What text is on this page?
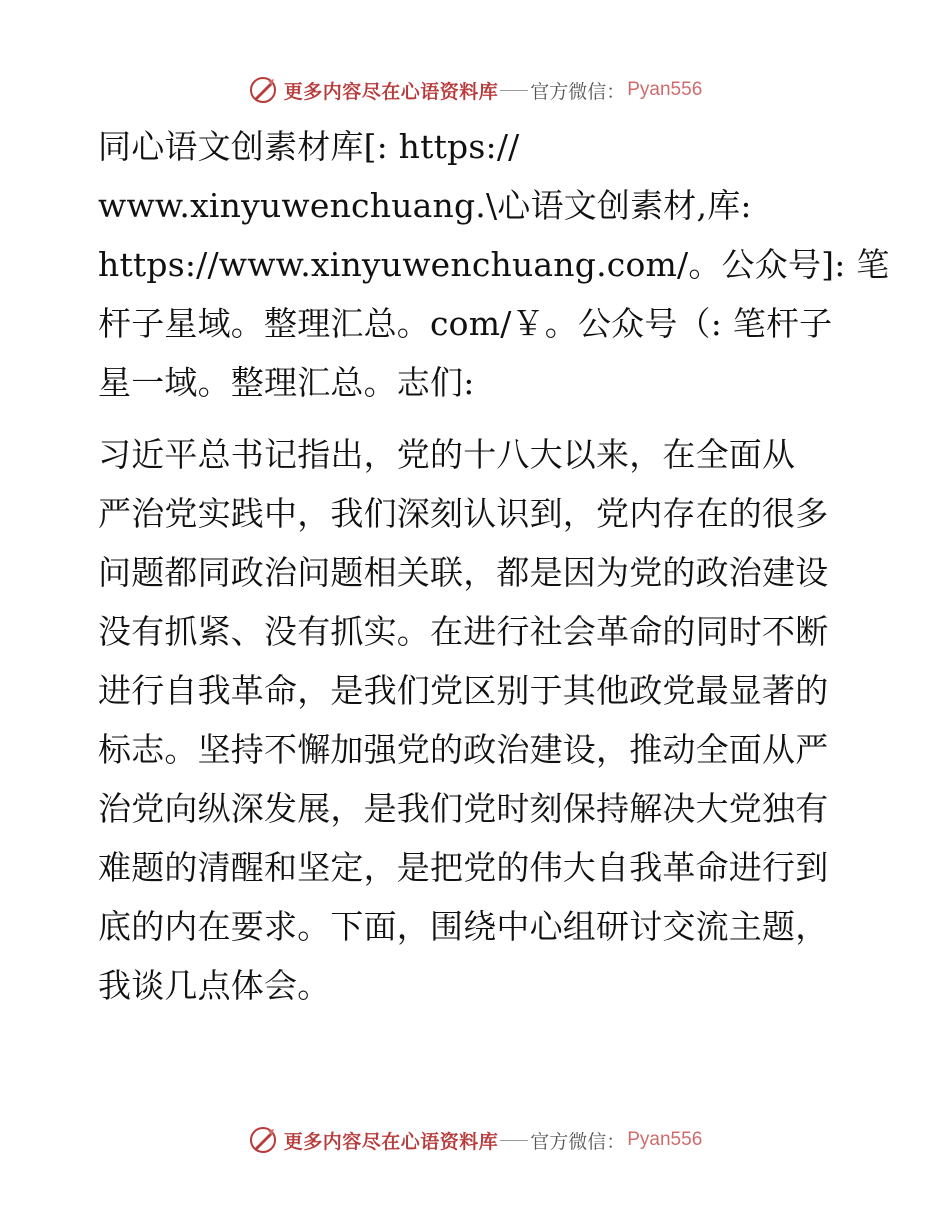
更多内容尽在心语资料库 官方微信： Pyan556
同心语文创素材库[: https://
www.xinyuwenchuang.\心语文创素材,库:
https://www.xinyuwenchuang.com/。公众号]: 笔
杆子星域。整理汇总。com/￥。公众号（: 笔杆子
星一域。整理汇总。志们:
习近平总书记指出，党的十八大以来，在全面从
严治党实践中，我们深刻认识到，党内存在的很多
问题都同政治问题相关联，都是因为党的政治建设
没有抓紧、没有抓实。在进行社会革命的同时不断
进行自我革命，是我们党区别于其他政党最显著的
标志。坚持不懈加强党的政治建设，推动全面从严
治党向纵深发展，是我们党时刻保持解决大党独有
难题的清醒和坚定，是把党的伟大自我革命进行到
底的内在要求。下面，围绕中心组研讨交流主题，
我谈几点体会。
更多内容尽在心语资料库 官方微信： Pyan556
